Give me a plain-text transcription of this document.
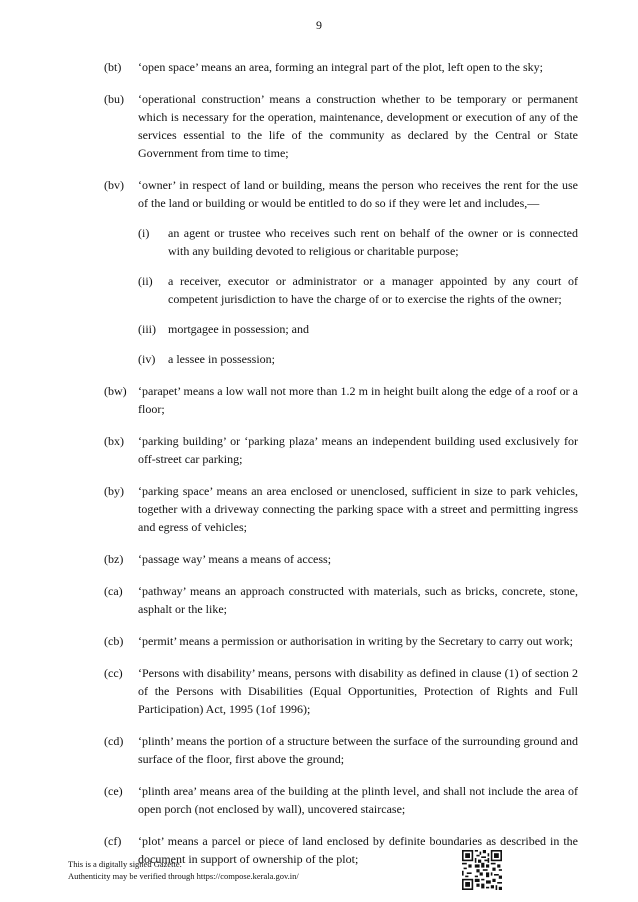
9
(bt) ‘open space’ means an area, forming an integral part of the plot, left open to the sky;
(bu) ‘operational construction’ means a construction whether to be temporary or permanent which is necessary for the operation, maintenance, development or execution of any of the services essential to the life of the community as declared by the Central or State Government from time to time;
(bv) ‘owner’ in respect of land or building, means the person who receives the rent for the use of the land or building or would be entitled to do so if they were let and includes,—
(i) an agent or trustee who receives such rent on behalf of the owner or is connected with any building devoted to religious or charitable purpose;
(ii) a receiver, executor or administrator or a manager appointed by any court of competent jurisdiction to have the charge of or to exercise the rights of the owner;
(iii) mortgagee in possession; and
(iv) a lessee in possession;
(bw) ‘parapet’ means a low wall not more than 1.2 m in height built along the edge of a roof or a floor;
(bx) ‘parking building’ or ‘parking plaza’ means an independent building used exclusively for off-street car parking;
(by) ‘parking space’ means an area enclosed or unenclosed, sufficient in size to park vehicles, together with a driveway connecting the parking space with a street and permitting ingress and egress of vehicles;
(bz) ‘passage way’ means a means of access;
(ca) ‘pathway’ means an approach constructed with materials, such as bricks, concrete, stone, asphalt or the like;
(cb) ‘permit’ means a permission or authorisation in writing by the Secretary to carry out work;
(cc) ‘Persons with disability’ means, persons with disability as defined in clause (1) of section 2 of the Persons with Disabilities (Equal Opportunities, Protection of Rights and Full Participation) Act, 1995 (1of 1996);
(cd) ‘plinth’ means the portion of a structure between the surface of the surrounding ground and surface of the floor, first above the ground;
(ce) ‘plinth area’ means area of the building at the plinth level, and shall not include the area of open porch (not enclosed by wall), uncovered staircase;
(cf) ‘plot’ means a parcel or piece of land enclosed by definite boundaries as described in the document in support of ownership of the plot;
This is a digitally signed Gazette.
Authenticity may be verified through https://compose.kerala.gov.in/
